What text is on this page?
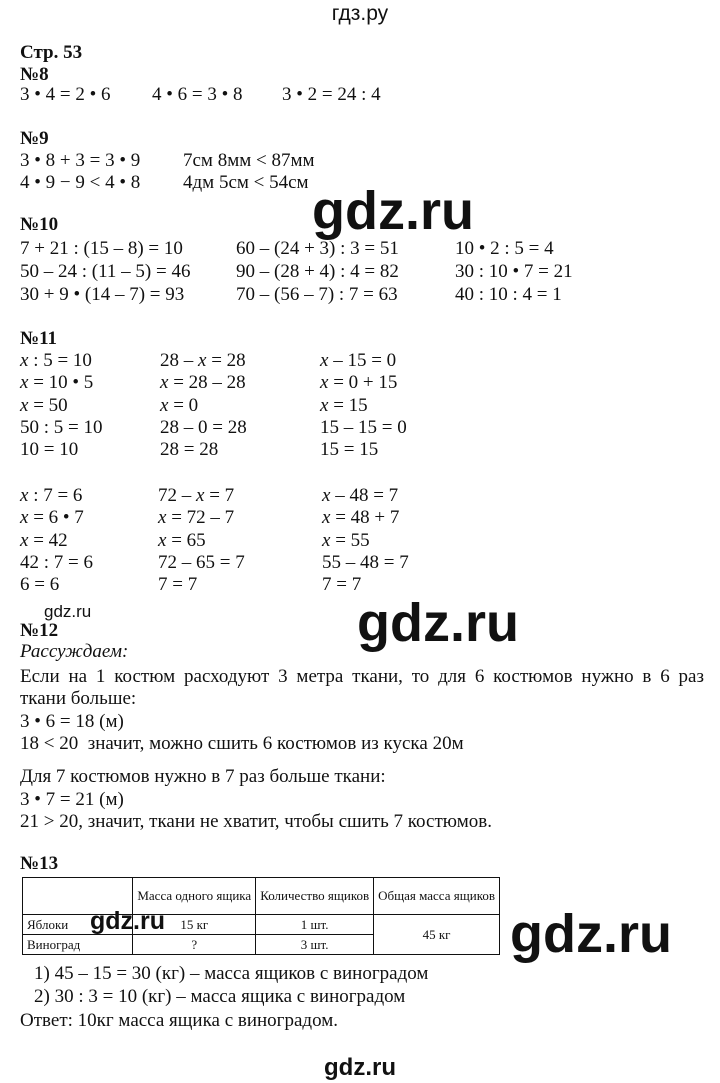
гдз.ру
Стр. 53
№8
3 • 4 = 2 • 6 4 • 6 = 3 • 8 3 • 2 = 24 : 4
№9
3 • 8 + 3 = 3 • 9 7см 8мм < 87мм
4 • 9 − 9 < 4 • 8 4дм 5см < 54см gdz.ru
№10
7 + 21 : (15 – 8) = 10	60 – (24 + 3) : 3 = 51	10 • 2 : 5 = 4
50 – 24 : (11 – 5) = 46 90 – (28 + 4) : 4 = 82	30 : 10 • 7 = 21
30 + 9 • (14 – 7) = 93	70 – (56 – 7) : 7 = 63	40 : 10 : 4 = 1
№11
x : 5 = 10	28 – x = 28	x – 15 = 0
x = 10 • 5	x = 28 – 28	x = 0 + 15
x = 50	x = 0	x = 15
50 : 5 = 10	28 – 0 = 28	15 – 15 = 0
10 = 10	28 = 28	15 = 15
x : 7 = 6	72 – x = 7	x – 48 = 7
x = 6 • 7	x = 72 – 7	x = 48 + 7
x = 42	x = 65	x = 55
42 : 7 = 6	72 – 65 = 7	55 – 48 = 7
6 = 6	7 = 7	7 = 7
gdz.ru	gdz.ru
№12
Рассуждаем:
Если на 1 костюм расходуют 3 метра ткани, то для 6 костюмов нужно в 6 раз
ткани больше:
3 • 6 = 18 (м)
18 < 20  значит, можно сшить 6 костюмов из куска 20м
Для 7 костюмов нужно в 7 раз больше ткани:
3 • 7 = 21 (м)
21 > 20, значит, ткани не хватит, чтобы сшить 7 костюмов.
№13
	Масса одного ящика	Количество ящиков	Общая масса ящиков
Яблоки	15 кг	1 шт.	45 кг
Виноград	?	3 шт.	
gdz.ru	gdz.ru
1) 45 – 15 = 30 (кг) – масса ящиков с виноградом
2) 30 : 3 = 10 (кг) – масса ящика с виноградом
Ответ: 10кг масса ящика с виноградом.
gdz.ru
